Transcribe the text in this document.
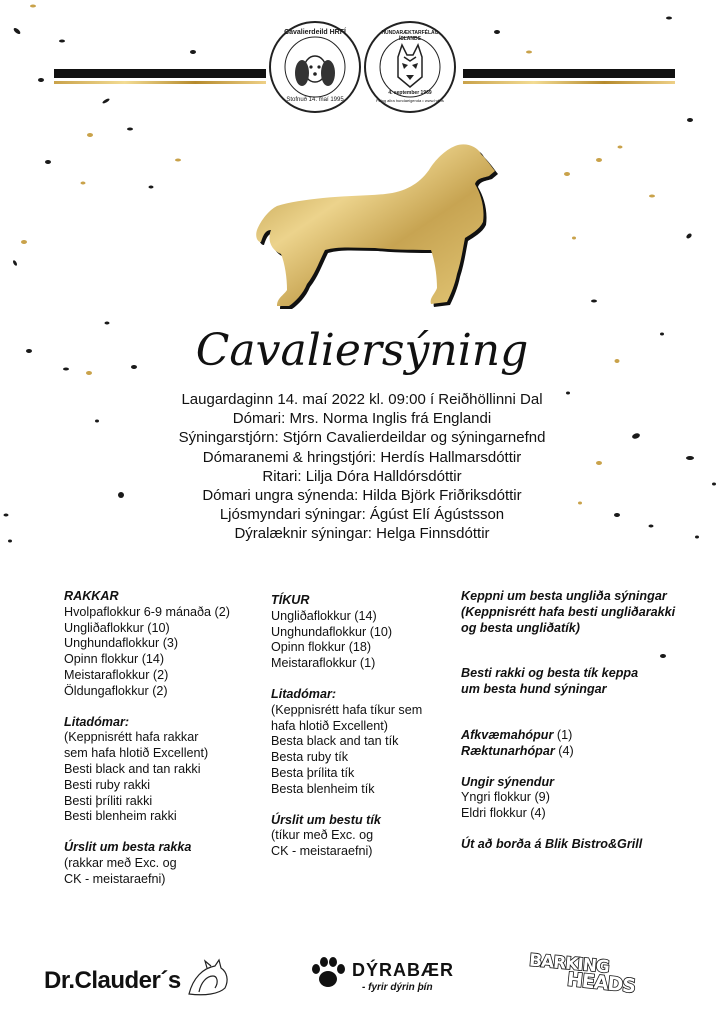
Cavalierdeild HRFÍ
Stofnuð 14. maí 1995
HUNDARÆKTARFÉLAG ÍSLANDS
4. september 1969
Félag allra hundaeigenda • www.hrfi.is
Cavaliersýning
Laugardaginn 14. maí 2022 kl. 09:00 í Reiðhöllinni Dal
Dómari: Mrs. Norma Inglis frá Englandi
Sýningarstjórn: Stjórn Cavalierdeildar og sýningarnefnd
Dómaranemi & hringstjóri: Herdís Hallmarsdóttir
Ritari: Lilja Dóra Halldórsdóttir
Dómari ungra sýnenda: Hilda Björk Friðriksdóttir
Ljósmyndari sýningar: Ágúst Elí Ágústsson
Dýralæknir sýningar: Helga Finnsdóttir
RAKKAR
Hvolpaflokkur 6-9 mánaða (2)
Ungliðaflokkur (10)
Unghundaflokkur (3)
Opinn flokkur (14)
Meistaraflokkur (2)
Öldungaflokkur (2)
Litadómar:
(Keppnisrétt hafa rakkar
sem hafa hlotið Excellent)
Besti black and tan rakki
Besti ruby rakki
Besti þríliti rakki
Besti blenheim rakki
Úrslit um besta rakka
(rakkar með Exc. og
CK - meistaraefni)
TÍKUR
Ungliðaflokkur (14)
Unghundaflokkur (10)
Opinn flokkur (18)
Meistaraflokkur (1)
Litadómar:
(Keppnisrétt hafa tíkur sem
hafa hlotið Excellent)
Besta black and tan tík
Besta ruby tík
Besta þrílita tík
Besta blenheim tík
Úrslit um bestu tík
(tíkur með Exc. og
CK - meistaraefni)
Keppni um besta ungliða sýningar
(Keppnisrétt hafa besti ungliðarakki
og besta ungliðatík)
Besti rakki og besta tík keppa
um besta hund sýningar
Afkvæmahópur (1)
Ræktunarhópar (4)
Ungir sýnendur
Yngri flokkur (9)
Eldri flokkur (4)
Út að borða á Blik Bistro&Grill
Dr.Clauder´s	DÝRABÆR
- fyrir dýrin þín
BARKING
HEADS
